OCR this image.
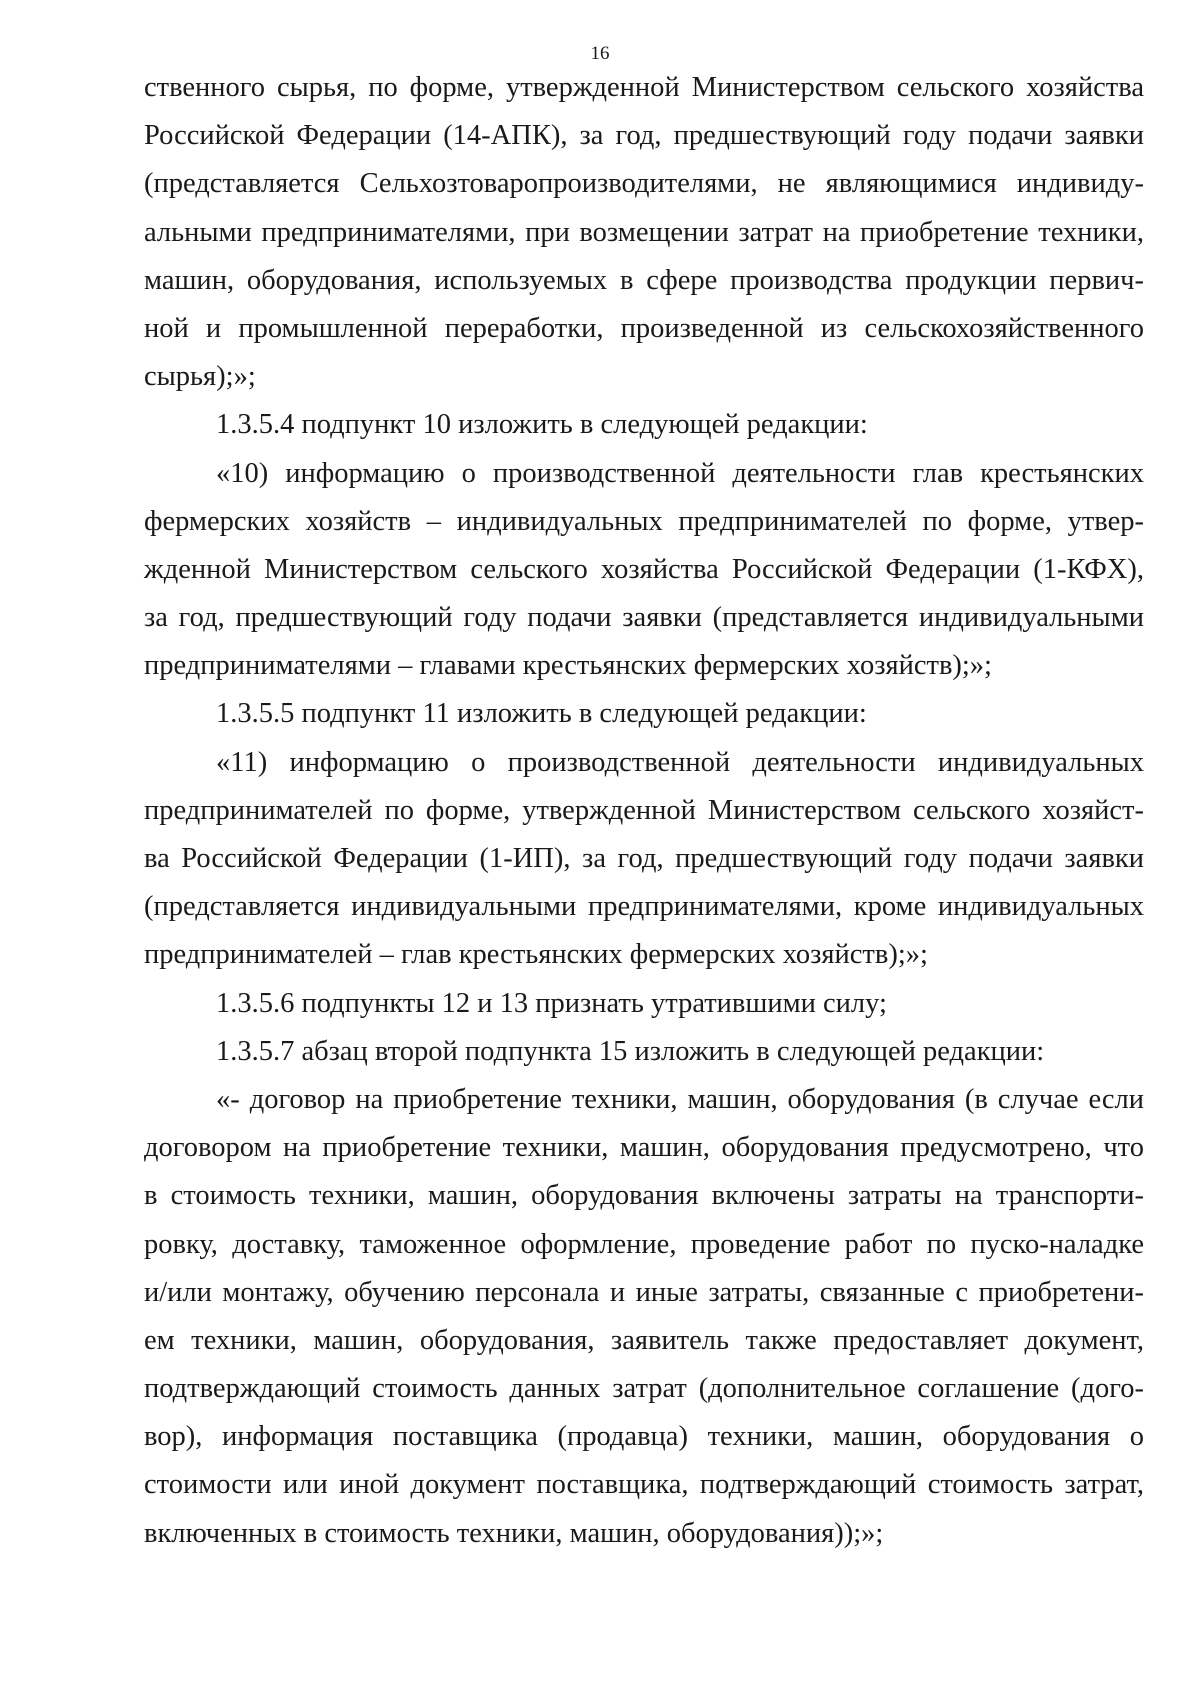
16
ственного сырья, по форме, утвержденной Министерством сельского хозяйства
Российской Федерации (14-АПК), за год, предшествующий году подачи заявки
(представляется Сельхозтоваропроизводителями, не являющимися индивиду-
альными предпринимателями, при возмещении затрат на приобретение техники,
машин, оборудования, используемых в сфере производства продукции первич-
ной и промышленной переработки, произведенной из сельскохозяйственного
сырья);»;
1.3.5.4 подпункт 10 изложить в следующей редакции:
«10) информацию о производственной деятельности глав крестьянских
фермерских хозяйств – индивидуальных предпринимателей по форме, утвер-
жденной Министерством сельского хозяйства Российской Федерации (1-КФХ),
за год, предшествующий году подачи заявки (представляется индивидуальными
предпринимателями – главами крестьянских фермерских хозяйств);»;
1.3.5.5 подпункт 11 изложить в следующей редакции:
«11) информацию о производственной деятельности индивидуальных
предпринимателей по форме, утвержденной Министерством сельского хозяйст-
ва Российской Федерации (1-ИП), за год, предшествующий году подачи заявки
(представляется индивидуальными предпринимателями, кроме индивидуальных
предпринимателей – глав крестьянских фермерских хозяйств);»;
1.3.5.6 подпункты 12 и 13 признать утратившими силу;
1.3.5.7 абзац второй подпункта 15 изложить в следующей редакции:
«- договор на приобретение техники, машин, оборудования (в случае если
договором на приобретение техники, машин, оборудования предусмотрено, что
в стоимость техники, машин, оборудования включены затраты на транспорти-
ровку, доставку, таможенное оформление, проведение работ по пуско-наладке
и/или монтажу, обучению персонала и иные затраты, связанные с приобретени-
ем техники, машин, оборудования, заявитель также предоставляет документ,
подтверждающий стоимость данных затрат (дополнительное соглашение (дого-
вор), информация поставщика (продавца) техники, машин, оборудования о
стоимости или иной документ поставщика, подтверждающий стоимость затрат,
включенных в стоимость техники, машин, оборудования));»;
